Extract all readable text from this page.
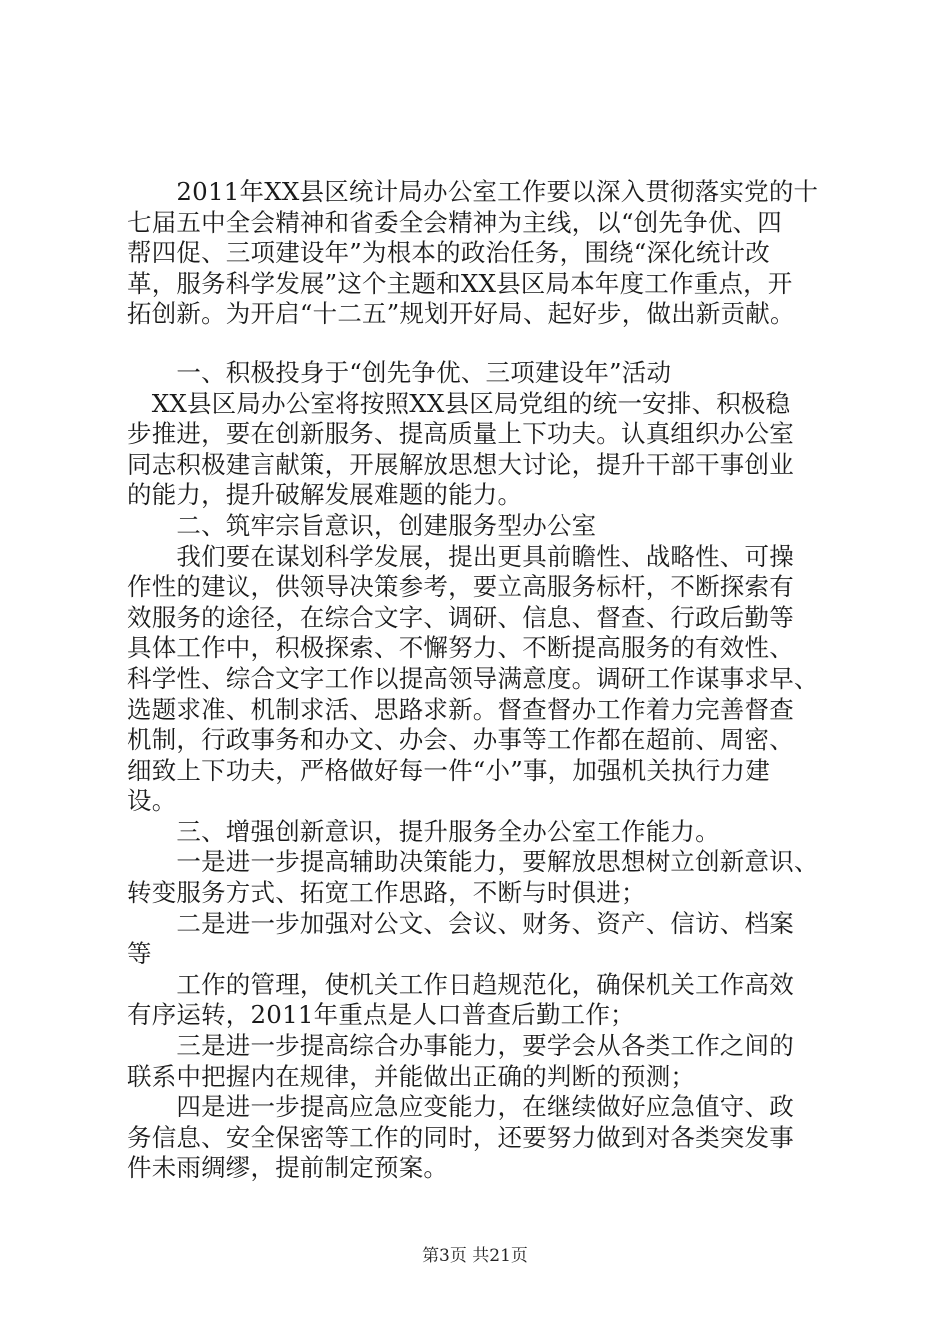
　　2011年XX县区统计局办公室工作要以深入贯彻落实党的十
七届五中全会精神和省委全会精神为主线，以“创先争优、四
帮四促、三项建设年”为根本的政治任务，围绕“深化统计改
革，服务科学发展”这个主题和XX县区局本年度工作重点，开
拓创新。为开启“十二五”规划开好局、起好步，做出新贡献。
　　一、积极投身于“创先争优、三项建设年”活动
　XX县区局办公室将按照XX县区局党组的统一安排、积极稳
步推进，要在创新服务、提高质量上下功夫。认真组织办公室
同志积极建言献策，开展解放思想大讨论，提升干部干事创业
的能力，提升破解发展难题的能力。
　　二、筑牢宗旨意识，创建服务型办公室
　　我们要在谋划科学发展，提出更具前瞻性、战略性、可操
作性的建议，供领导决策参考，要立高服务标杆，不断探索有
效服务的途径，在综合文字、调研、信息、督查、行政后勤等
具体工作中，积极探索、不懈努力、不断提高服务的有效性、
科学性、综合文字工作以提高领导满意度。调研工作谋事求早、
选题求准、机制求活、思路求新。督查督办工作着力完善督查
机制，行政事务和办文、办会、办事等工作都在超前、周密、
细致上下功夫，严格做好每一件“小”事，加强机关执行力建
设。
　　三、增强创新意识，提升服务全办公室工作能力。
　　一是进一步提高辅助决策能力，要解放思想树立创新意识、
转变服务方式、拓宽工作思路，不断与时俱进；
　　二是进一步加强对公文、会议、财务、资产、信访、档案
等
　　工作的管理，使机关工作日趋规范化，确保机关工作高效
有序运转，2011年重点是人口普查后勤工作；
　　三是进一步提高综合办事能力，要学会从各类工作之间的
联系中把握内在规律，并能做出正确的判断的预测；
　　四是进一步提高应急应变能力，在继续做好应急值守、政
务信息、安全保密等工作的同时，还要努力做到对各类突发事
件未雨绸缪，提前制定预案。
第3页 共21页
